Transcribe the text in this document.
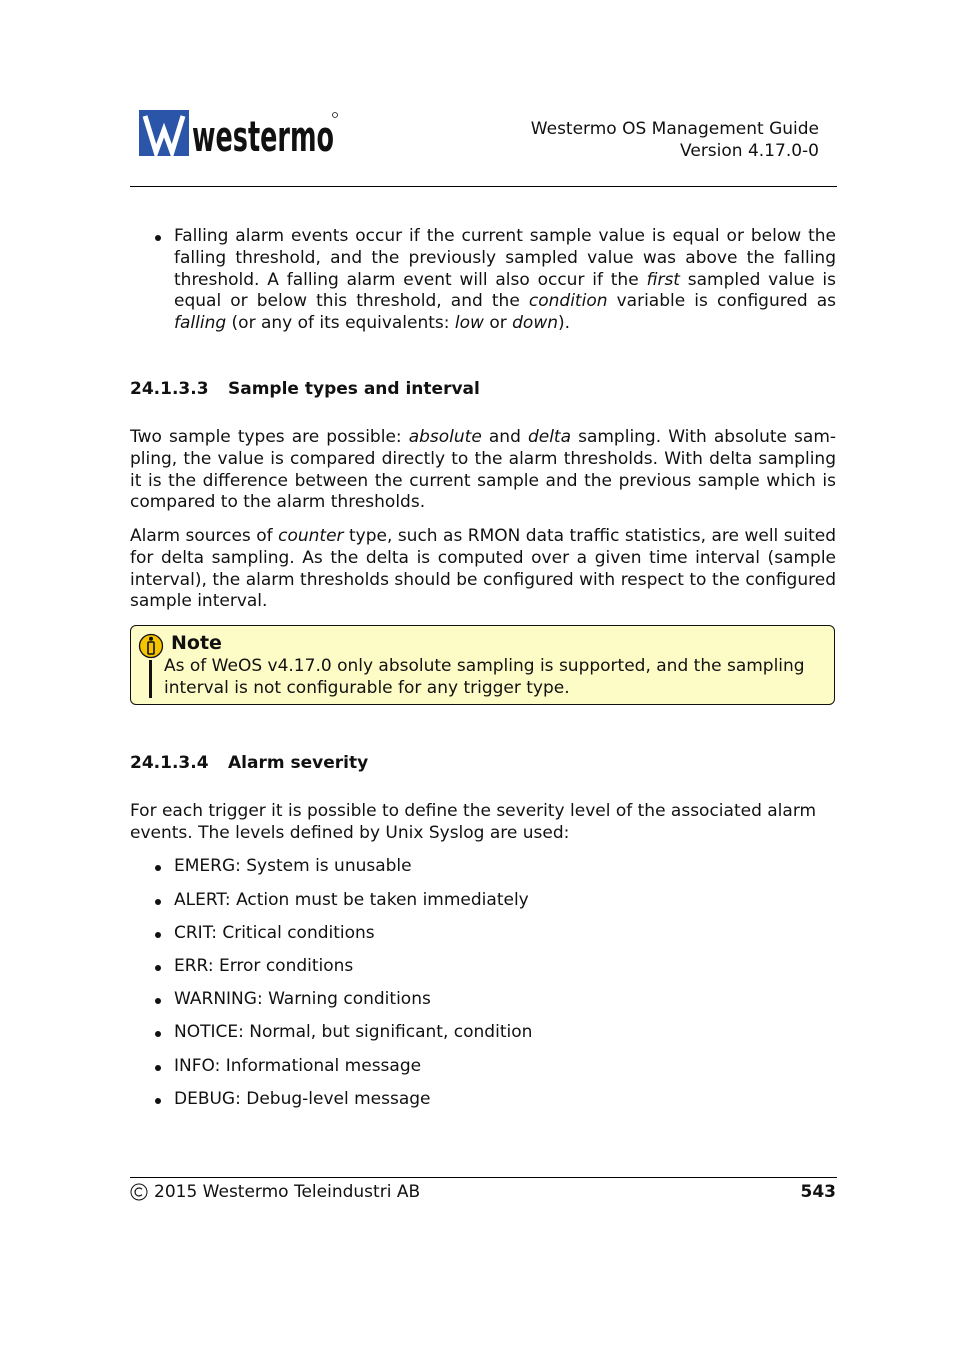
westermo	Westermo OS Management Guide
Version 4.17.0-0
Falling alarm events occur if the current sample value is equal or below the falling threshold, and the previously sampled value was above the falling threshold. A falling alarm event will also occur if the first sampled value is equal or below this threshold, and the condition variable is configured as falling (or any of its equivalents: low or down).
24.1.3.3 Sample types and interval
Two sample types are possible: absolute and delta sampling. With absolute sam-pling, the value is compared directly to the alarm thresholds. With delta sampling it is the difference between the current sample and the previous sample which is compared to the alarm thresholds.
Alarm sources of counter type, such as RMON data traffic statistics, are well suited for delta sampling. As the delta is computed over a given time interval (sample interval), the alarm thresholds should be configured with respect to the configured sample interval.
Note
As of WeOS v4.17.0 only absolute sampling is supported, and the sampling interval is not configurable for any trigger type.
24.1.3.4 Alarm severity
For each trigger it is possible to define the severity level of the associated alarm events. The levels defined by Unix Syslog are used:
EMERG: System is unusable
ALERT: Action must be taken immediately
CRIT: Critical conditions
ERR: Error conditions
WARNING: Warning conditions
NOTICE: Normal, but significant, condition
INFO: Informational message
DEBUG: Debug-level message
2015 Westermo Teleindustri AB	543
